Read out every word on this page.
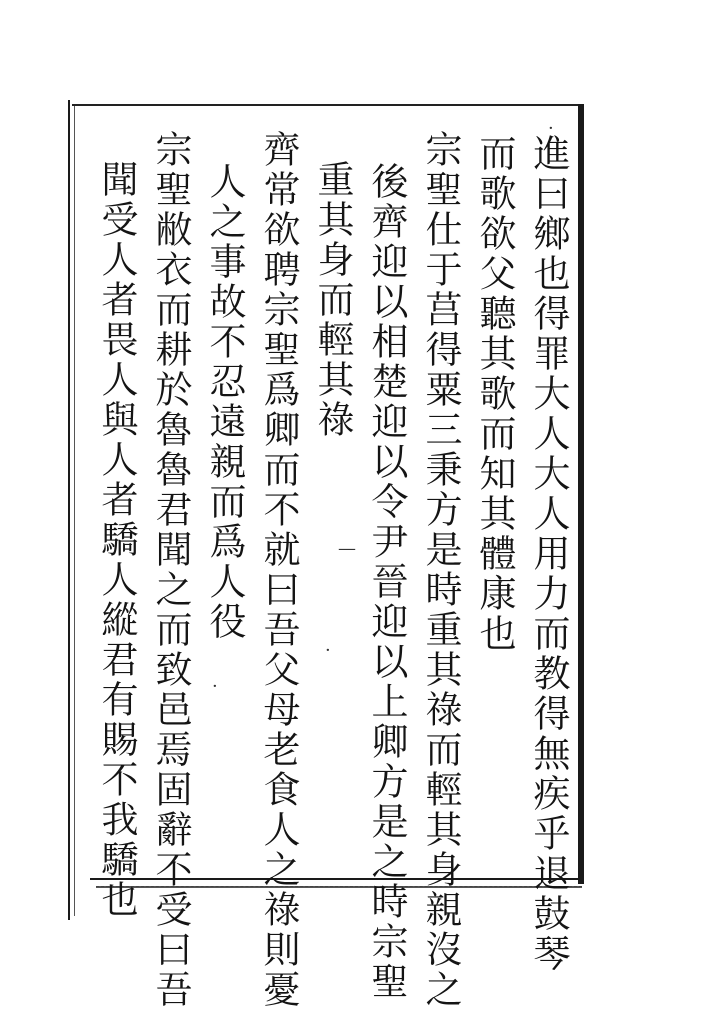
進曰鄉也得罪大人大人用力而教得無疾乎退鼓琴
而歌欲父聽其歌而知其體康也
宗聖仕于莒得粟三秉方是時重其祿而輕其身親沒之
後齊迎以相楚迎以令尹晉迎以上卿方是之時宗聖
重其身而輕其祿
齊常欲聘宗聖爲卿而不就曰吾父母老食人之祿則憂
人之事故不忍遠親而爲人役
宗聖敝衣而耕於魯魯君聞之而致邑焉固辭不受曰吾
聞受人者畏人與人者驕人縱君有賜不我驕也
·
—
·
·
